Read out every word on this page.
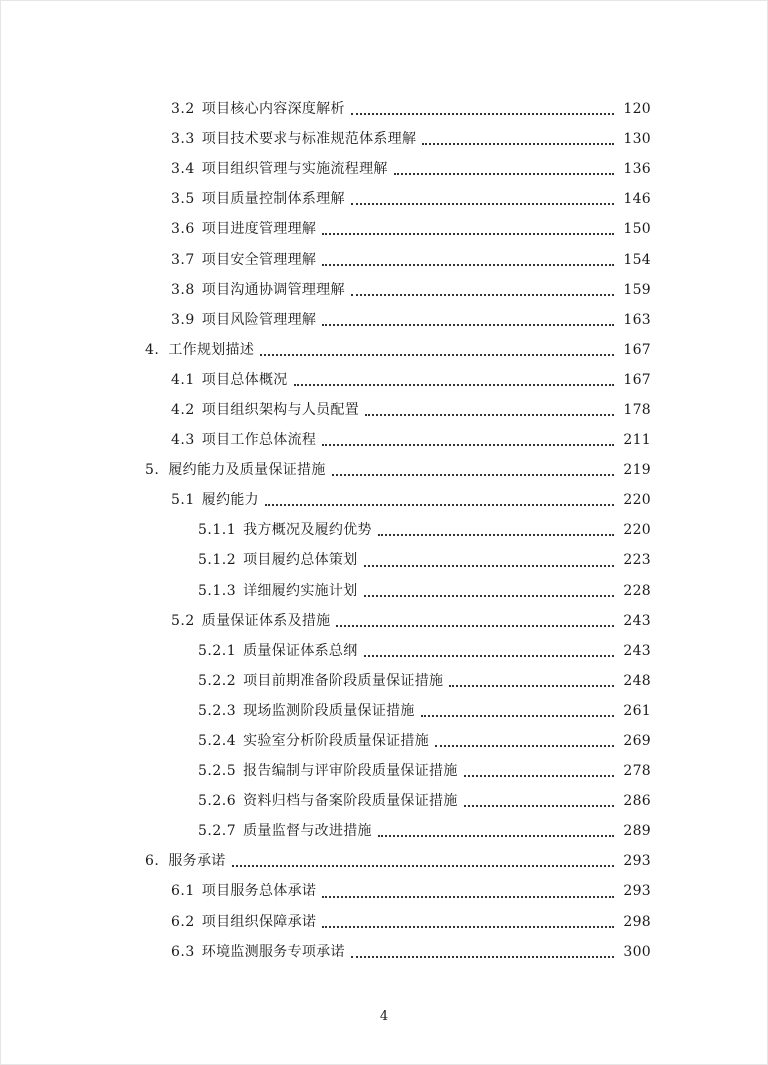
3.2 项目核心内容深度解析	120
3.3 项目技术要求与标准规范体系理解	130
3.4 项目组织管理与实施流程理解	136
3.5 项目质量控制体系理解	146
3.6 项目进度管理理解	150
3.7 项目安全管理理解	154
3.8 项目沟通协调管理理解	159
3.9 项目风险管理理解	163
4. 工作规划描述	167
4.1 项目总体概况	167
4.2 项目组织架构与人员配置	178
4.3 项目工作总体流程	211
5. 履约能力及质量保证措施	219
5.1 履约能力	220
5.1.1 我方概况及履约优势	220
5.1.2 项目履约总体策划	223
5.1.3 详细履约实施计划	228
5.2 质量保证体系及措施	243
5.2.1 质量保证体系总纲	243
5.2.2 项目前期准备阶段质量保证措施	248
5.2.3 现场监测阶段质量保证措施	261
5.2.4 实验室分析阶段质量保证措施	269
5.2.5 报告编制与评审阶段质量保证措施	278
5.2.6 资料归档与备案阶段质量保证措施	286
5.2.7 质量监督与改进措施	289
6. 服务承诺	293
6.1 项目服务总体承诺	293
6.2 项目组织保障承诺	298
6.3 环境监测服务专项承诺	300
4
